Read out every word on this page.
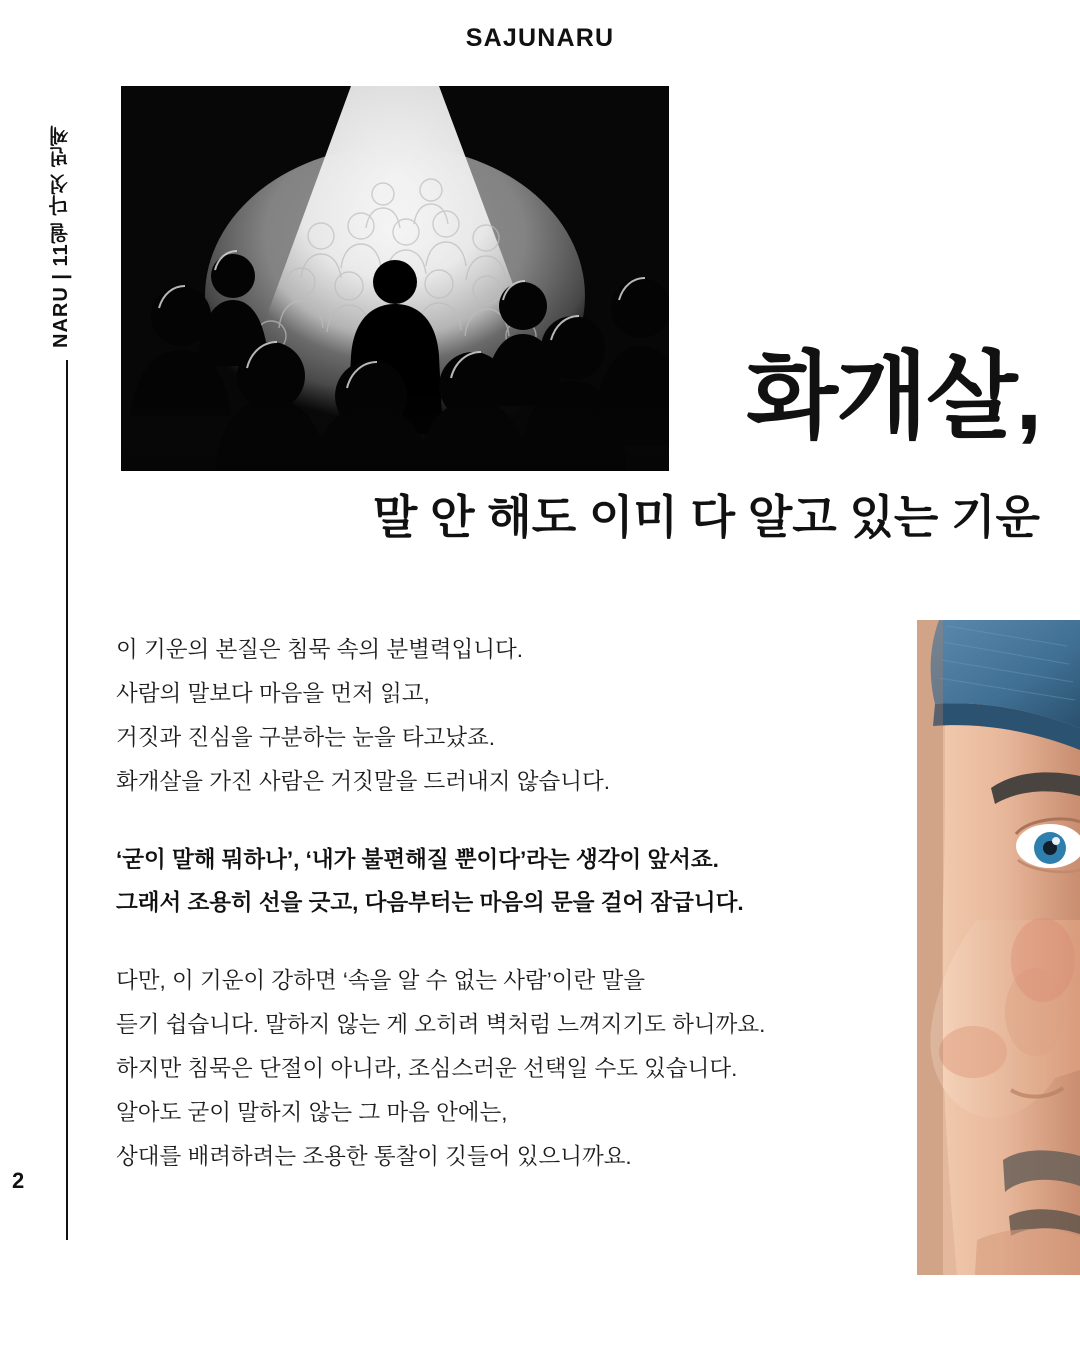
SAJUNARU
NARU | 11월 다섯 번째
2
화개살,
말 안 해도 이미 다 알고 있는 기운
이 기운의 본질은 침묵 속의 분별력입니다.
사람의 말보다 마음을 먼저 읽고,
거짓과 진심을 구분하는 눈을 타고났죠.
화개살을 가진 사람은 거짓말을 드러내지 않습니다.
‘굳이 말해 뭐하나’, ‘내가 불편해질 뿐이다’라는 생각이 앞서죠.
그래서 조용히 선을 긋고, 다음부터는 마음의 문을 걸어 잠급니다.
다만, 이 기운이 강하면 ‘속을 알 수 없는 사람’이란 말을
듣기 쉽습니다. 말하지 않는 게 오히려 벽처럼 느껴지기도 하니까요.
하지만 침묵은 단절이 아니라, 조심스러운 선택일 수도 있습니다.
알아도 굳이 말하지 않는 그 마음 안에는,
상대를 배려하려는 조용한 통찰이 깃들어 있으니까요.
